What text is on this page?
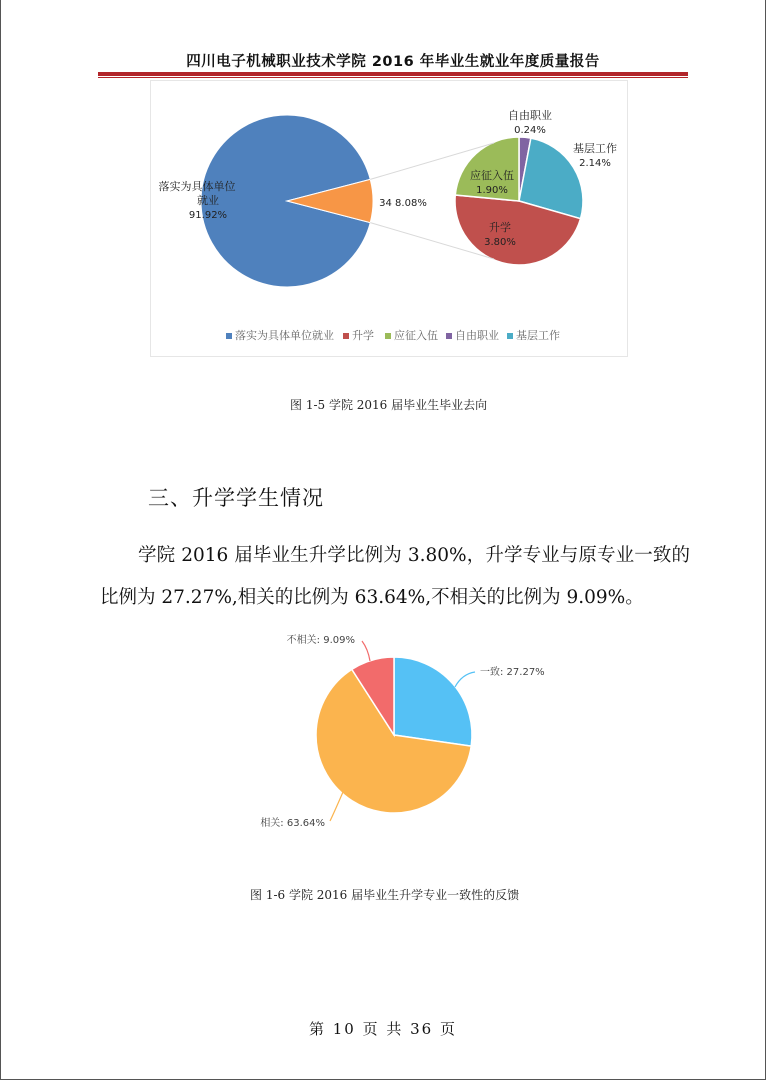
四川电子机械职业技术学院 2016 年毕业生就业年度质量报告
落实为具体单位
就业
91.92%
34 8.08%
自由职业
0.24%
基层工作
2.14%
应征入伍
1.90%
升学
3.80%
落实为具体单位就业 升学 应征入伍 自由职业 基层工作
图 1-5 学院 2016 届毕业生毕业去向
三、升学学生情况
学院 2016 届毕业生升学比例为 3.80%，升学专业与原专业一致的比例为 27.27%,相关的比例为 63.64%,不相关的比例为 9.09%。
一致: 27.27%
相关: 63.64%
不相关: 9.09%
图 1-6 学院 2016 届毕业生升学专业一致性的反馈
第 10 页 共 36 页
